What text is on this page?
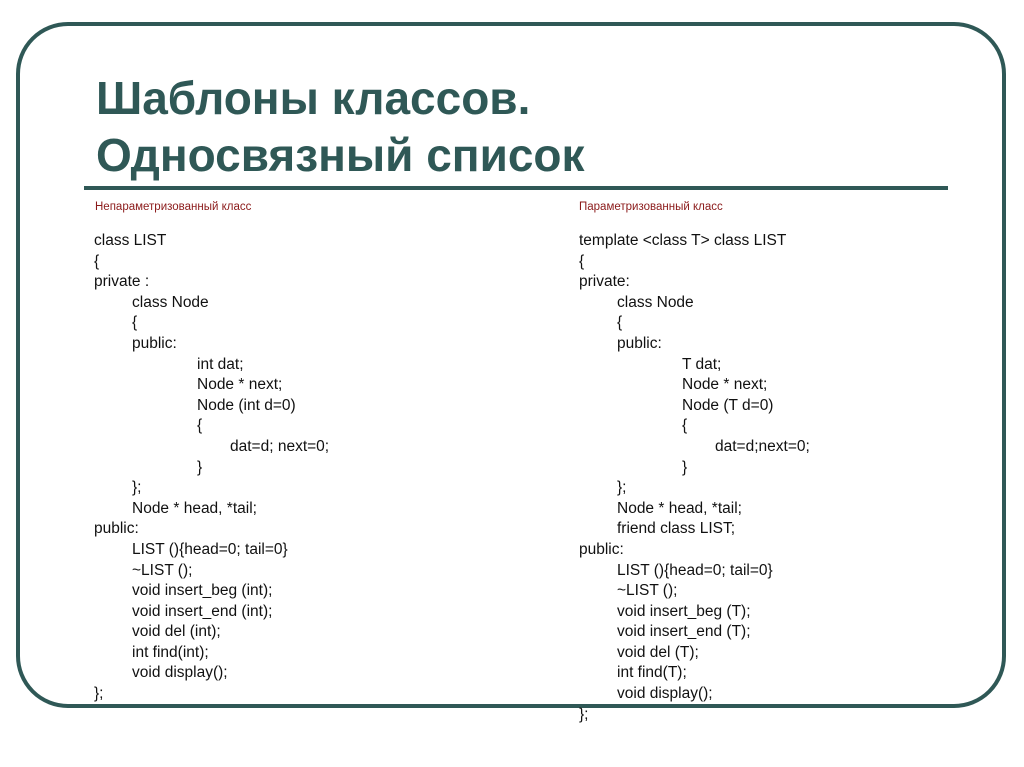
Шаблоны классов.
Односвязный список
Непараметризованный класс	Параметризованный класс
class LIST
{
private :
class Node
{
public:
int dat;
Node * next;
Node (int d=0)
{
dat=d; next=0;
}
};
Node * head, *tail;
public:
LIST (){head=0; tail=0}
~LIST ();
void insert_beg (int);
void insert_end (int);
void del (int);
int find(int);
void display();
};
template <class T> class LIST
{
private:
class Node
{
public:
T dat;
Node * next;
Node (T d=0)
{
dat=d;next=0;
}
};
Node * head, *tail;
friend class LIST;
public:
LIST (){head=0; tail=0}
~LIST ();
void insert_beg (T);
void insert_end (T);
void del (T);
int find(T);
void display();
};
